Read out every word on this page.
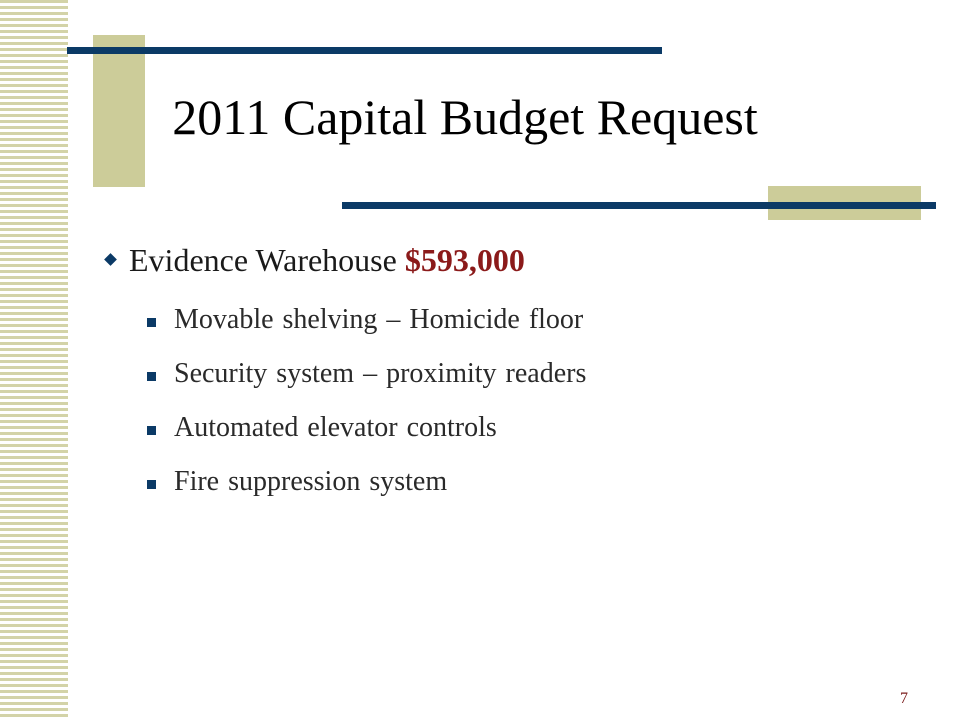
2011 Capital Budget Request
Evidence Warehouse $593,000
Movable shelving – Homicide floor
Security system – proximity readers
Automated elevator controls
Fire suppression system
7
